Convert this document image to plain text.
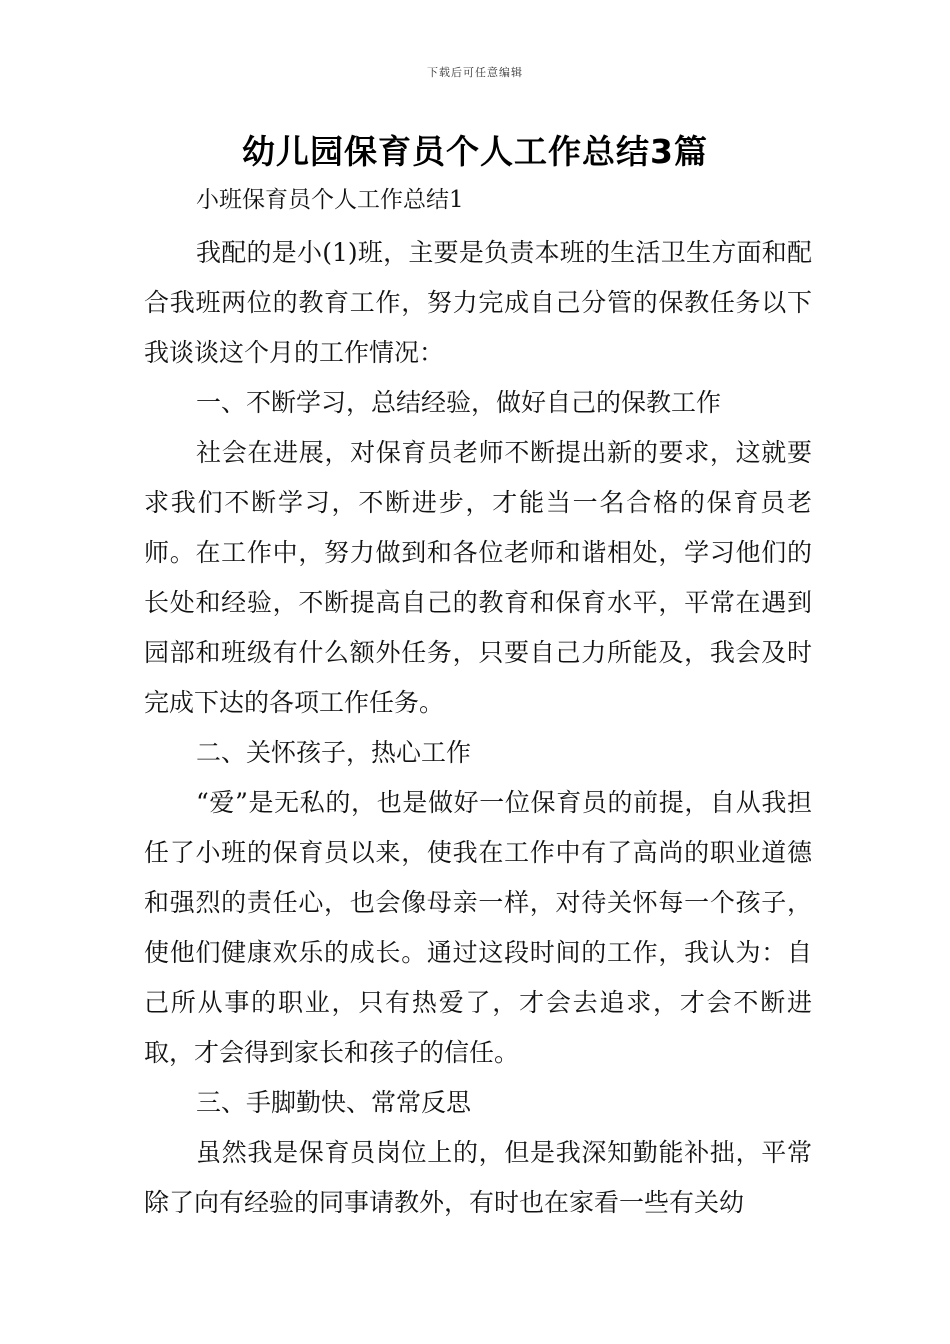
下载后可任意编辑
幼儿园保育员个人工作总结3篇

小班保育员个人工作总结1

我配的是小(1)班，主要是负责本班的生活卫生方面和配合我班两位的教育工作，努力完成自己分管的保教任务以下我谈谈这个月的工作情况：

一、不断学习，总结经验，做好自己的保教工作

社会在进展，对保育员老师不断提出新的要求，这就要求我们不断学习，不断进步，才能当一名合格的保育员老师。在工作中，努力做到和各位老师和谐相处，学习他们的长处和经验，不断提高自己的教育和保育水平，平常在遇到园部和班级有什么额外任务，只要自己力所能及，我会及时完成下达的各项工作任务。

二、关怀孩子，热心工作

“爱”是无私的，也是做好一位保育员的前提，自从我担任了小班的保育员以来，使我在工作中有了高尚的职业道德和强烈的责任心，也会像母亲一样，对待关怀每一个孩子，使他们健康欢乐的成长。通过这段时间的工作，我认为：自己所从事的职业，只有热爱了，才会去追求，才会不断进取，才会得到家长和孩子的信任。

三、手脚勤快、常常反思

虽然我是保育员岗位上的，但是我深知勤能补拙，平常除了向有经验的同事请教外，有时也在家看一些有关幼
